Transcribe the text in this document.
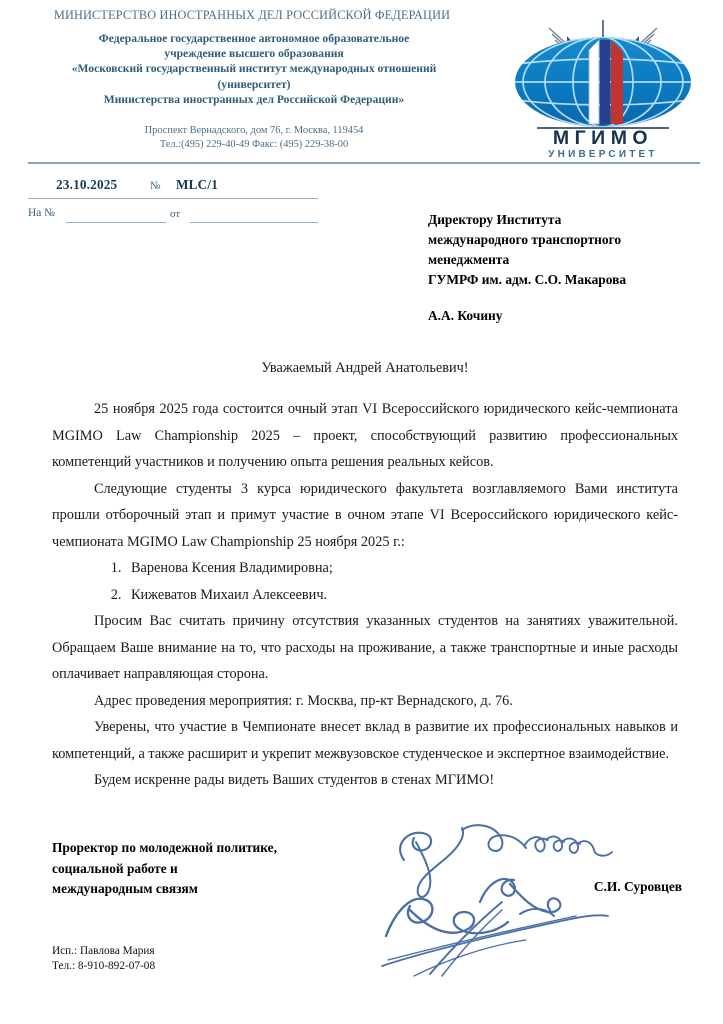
МИНИСТЕРСТВО ИНОСТРАННЫХ ДЕЛ РОССИЙСКОЙ ФЕДЕРАЦИИ
Федеральное государственное автономное образовательное
учреждение высшего образования
«Московский государственный институт международных отношений
(университет)
Министерства иностранных дел Российской Федерации»
Проспект Вернадского, дом 76, г. Москва, 119454
Тел.:(495) 229-40-49 Факс: (495) 229-38-00	МГИМО
УНИВЕРСИТЕТ
23.10.2025	№ MLC/1
На №	от	Директору Института

международного транспортного

менеджмента

ГУМРФ им. адм. С.О. Макарова

А.А. Кочину

Уважаемый Андрей Анатольевич!

25 ноября 2025 года состоится очный этап VI Всероссийского юридического кейс-чемпионата MGIMO Law Championship 2025 – проект, способствующий развитию профессиональных компетенций участников и получению опыта решения реальных кейсов.

Следующие студенты 3 курса юридического факультета возглавляемого Вами института прошли отборочный этап и примут участие в очном этапе VI Всероссийского юридического кейс-чемпионата MGIMO Law Championship 25 ноября 2025 г.:

1. Варенова Ксения Владимировна;
2. Кижеватов Михаил Алексеевич.

Просим Вас считать причину отсутствия указанных студентов на занятиях уважительной. Обращаем Ваше внимание на то, что расходы на проживание, а также транспортные и иные расходы оплачивает направляющая сторона.

Адрес проведения мероприятия: г. Москва, пр-кт Вернадского, д. 76.

Уверены, что участие в Чемпионате внесет вклад в развитие их профессиональных навыков и компетенций, а также расширит и укрепит межвузовское студенческое и экспертное взаимодействие.

Будем искренне рады видеть Ваших студентов в стенах МГИМО!

Проректор по молодежной политике,
социальной работе и
международным связям	С.И. Суровцев
Исп.: Павлова Мария
Тел.: 8-910-892-07-08
